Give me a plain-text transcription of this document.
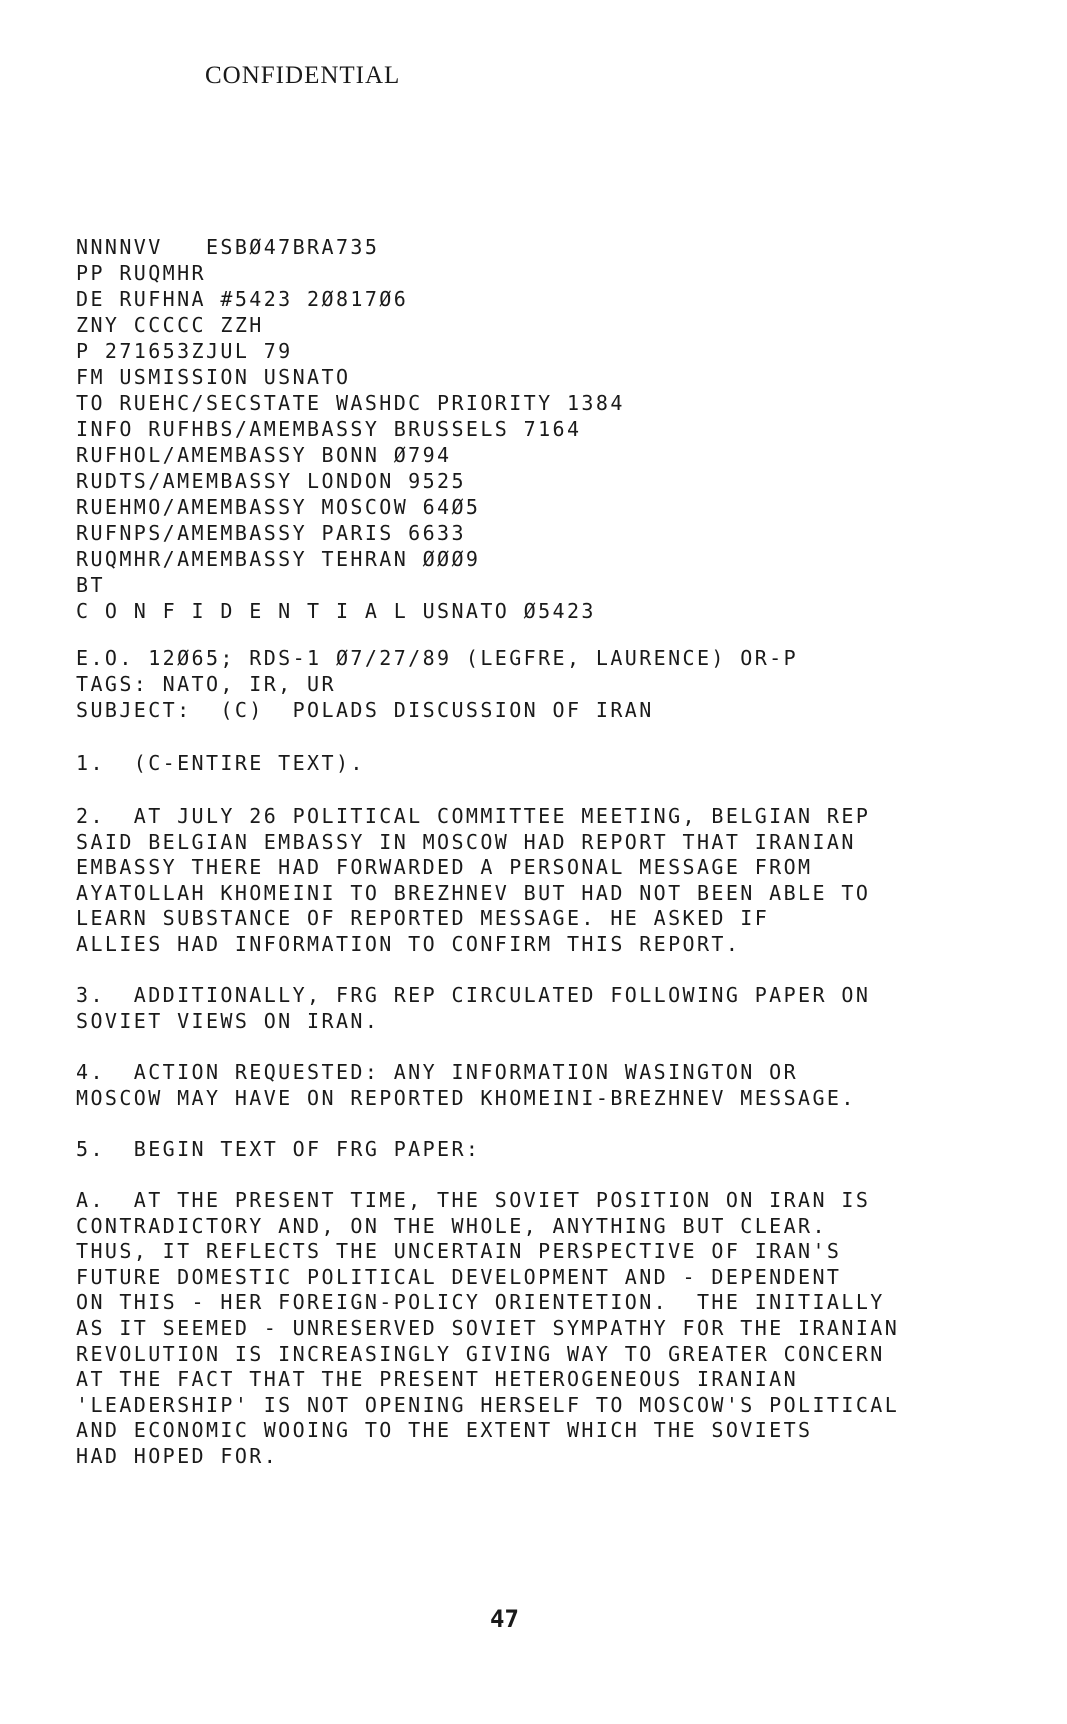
CONFIDENTIAL
NNNNVV   ESBØ47BRA735
PP RUQMHR
DE RUFHNA #5423 2Ø817Ø6
ZNY CCCCC ZZH
P 271653ZJUL 79
FM USMISSION USNATO
TO RUEHC/SECSTATE WASHDC PRIORITY 1384
INFO RUFHBS/AMEMBASSY BRUSSELS 7164
RUFHOL/AMEMBASSY BONN Ø794
RUDTS/AMEMBASSY LONDON 9525
RUEHMO/AMEMBASSY MOSCOW 64Ø5
RUFNPS/AMEMBASSY PARIS 6633
RUQMHR/AMEMBASSY TEHRAN ØØØ9
BT
C O N F I D E N T I A L USNATO Ø5423
E.O. 12Ø65; RDS-1 Ø7/27/89 (LEGFRE, LAURENCE) OR-P
TAGS: NATO, IR, UR
SUBJECT:  (C)  POLADS DISCUSSION OF IRAN
1.  (C-ENTIRE TEXT).
2.  AT JULY 26 POLITICAL COMMITTEE MEETING, BELGIAN REP
SAID BELGIAN EMBASSY IN MOSCOW HAD REPORT THAT IRANIAN
EMBASSY THERE HAD FORWARDED A PERSONAL MESSAGE FROM
AYATOLLAH KHOMEINI TO BREZHNEV BUT HAD NOT BEEN ABLE TO
LEARN SUBSTANCE OF REPORTED MESSAGE. HE ASKED IF
ALLIES HAD INFORMATION TO CONFIRM THIS REPORT.
3.  ADDITIONALLY, FRG REP CIRCULATED FOLLOWING PAPER ON
SOVIET VIEWS ON IRAN.
4.  ACTION REQUESTED: ANY INFORMATION WASINGTON OR
MOSCOW MAY HAVE ON REPORTED KHOMEINI-BREZHNEV MESSAGE.
5.  BEGIN TEXT OF FRG PAPER:
A.  AT THE PRESENT TIME, THE SOVIET POSITION ON IRAN IS
CONTRADICTORY AND, ON THE WHOLE, ANYTHING BUT CLEAR.
THUS, IT REFLECTS THE UNCERTAIN PERSPECTIVE OF IRAN'S
FUTURE DOMESTIC POLITICAL DEVELOPMENT AND - DEPENDENT
ON THIS - HER FOREIGN-POLICY ORIENTETION.  THE INITIALLY
AS IT SEEMED - UNRESERVED SOVIET SYMPATHY FOR THE IRANIAN
REVOLUTION IS INCREASINGLY GIVING WAY TO GREATER CONCERN
AT THE FACT THAT THE PRESENT HETEROGENEOUS IRANIAN
'LEADERSHIP' IS NOT OPENING HERSELF TO MOSCOW'S POLITICAL
AND ECONOMIC WOOING TO THE EXTENT WHICH THE SOVIETS
HAD HOPED FOR.
47
